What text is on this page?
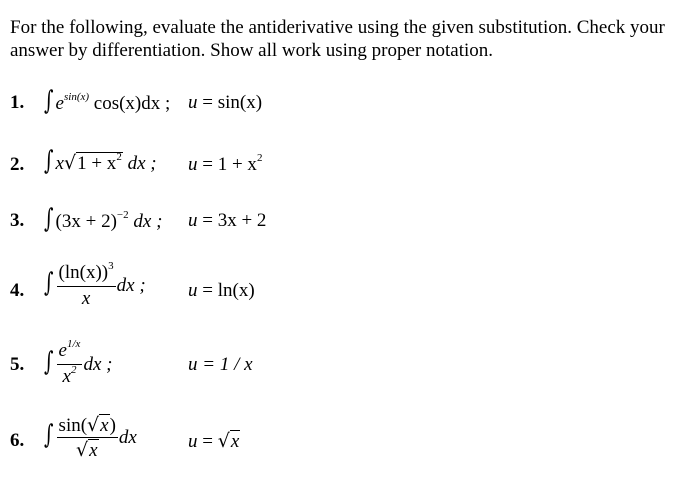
For the following, evaluate the antiderivative using the given substitution. Check your answer by differentiation. Show all work using proper notation.

1. ∫ $e^{sin(x)}$ cos(x)dx ; u = sin(x)
2. ∫ $x√1 + x^2$ dx ; $u = 1 + x^2$
3. ∫ $(3x + 2)^{-2}$ dx ; u = 3x + 2
4. ∫ $\frac{(\ln(x))^3}{x}$ dx ; u = ln(x)
5. ∫ $\frac{e^{1/x}}{x^2}$ dx ;	u = 1 / x
6. ∫ $\frac{\sin(√x)}{√x}$ dx	u = √x
